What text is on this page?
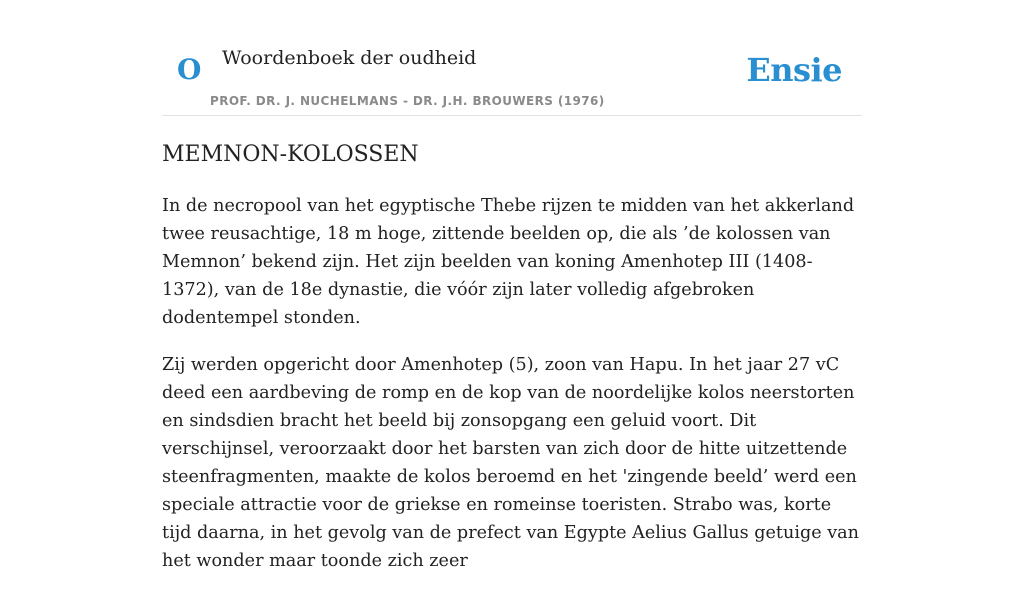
O Woordenboek der oudheid
PROF. DR. J. NUCHELMANS - DR. J.H. BROUWERS (1976)
Ensie
MEMNON-KOLOSSEN

In de necropool van het egyptische Thebe rijzen te midden van het akkerland twee reusachtige, 18 m hoge, zittende beelden op, die als ’de kolossen van Memnon’ bekend zijn. Het zijn beelden van koning Amenhotep III (1408-1372), van de 18e dynastie, die vóór zijn later volledig afgebroken dodentempel stonden.

Zij werden opgericht door Amenhotep (5), zoon van Hapu. In het jaar 27 vC deed een aardbeving de romp en de kop van de noordelijke kolos neerstorten en sindsdien bracht het beeld bij zonsopgang een geluid voort. Dit verschijnsel, veroorzaakt door het barsten van zich door de hitte uitzettende steenfragmenten, maakte de kolos beroemd en het 'zingende beeld’ werd een speciale attractie voor de griekse en romeinse toeristen. Strabo was, korte tijd daarna, in het gevolg van de prefect van Egypte Aelius Gallus getuige van het wonder maar toonde zich zeer
